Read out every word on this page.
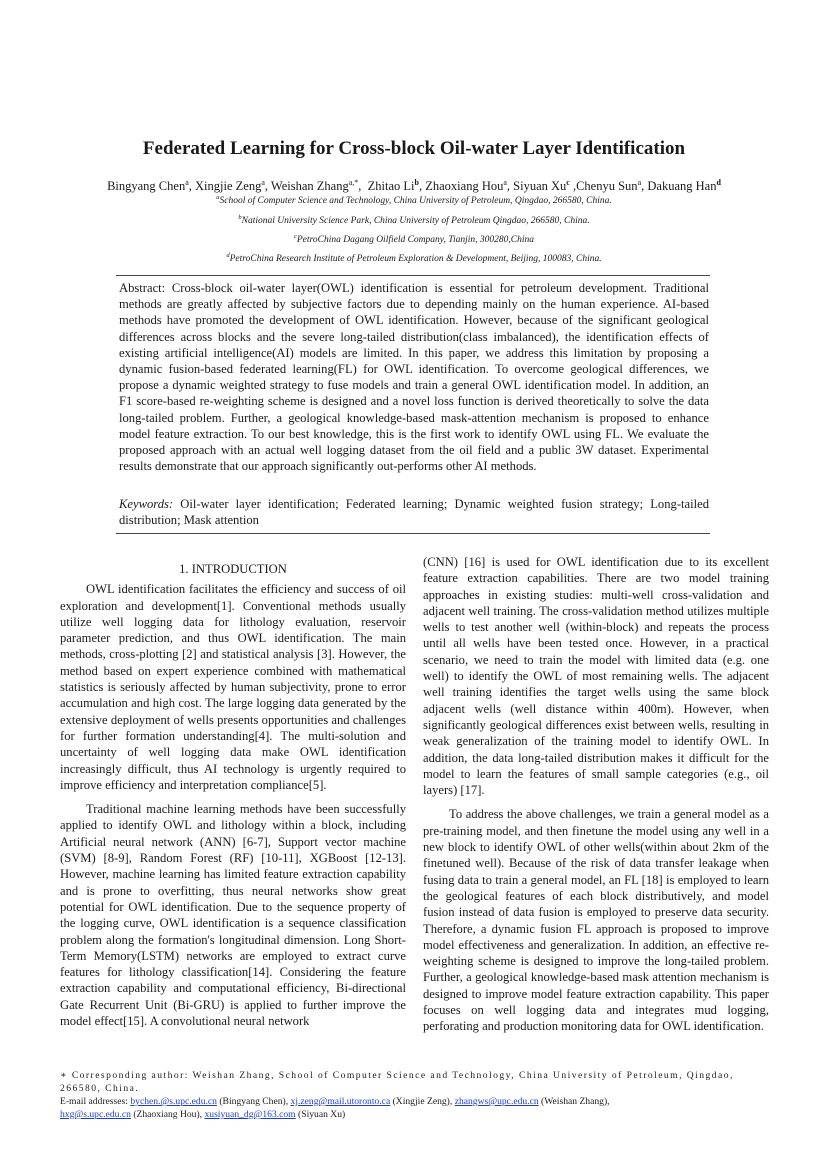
Federated Learning for Cross-block Oil-water Layer Identification
Bingyang Chen$^a$, Xingjie Zeng$^a$, Weishan Zhang$^{a,*}$,  Zhitao Li$^b$, Zhaoxiang Hou$^a$, Siyuan Xu$^c$ ,Chenyu Sun$^a$, Dakuang Han$^d$
$^a$School of Computer Science and Technology, China University of Petroleum, Qingdao, 266580, China.
$^b$National University Science Park, China University of Petroleum Qingdao, 266580, China.
$^c$PetroChina Dagang Oilfield Company, Tianjin, 300280,China
$^d$PetroChina Research Institute of Petroleum Exploration & Development, Beijing, 100083, China.
Abstract: Cross-block oil-water layer(OWL) identification is essential for petroleum development. Traditional methods are greatly affected by subjective factors due to depending mainly on the human experience. AI-based methods have promoted the development of OWL identification. However, because of the significant geological differences across blocks and the severe long-tailed distribution(class imbalanced), the identification effects of existing artificial intelligence(AI) models are limited. In this paper, we address this limitation by proposing a dynamic fusion-based federated learning(FL) for OWL identification. To overcome geological differences, we propose a dynamic weighted strategy to fuse models and train a general OWL identification model. In addition, an F1 score-based re-weighting scheme is designed and a novel loss function is derived theoretically to solve the data long-tailed problem. Further, a geological knowledge-based mask-attention mechanism is proposed to enhance model feature extraction. To our best knowledge, this is the first work to identify OWL using FL. We evaluate the proposed approach with an actual well logging dataset from the oil field and a public 3W dataset. Experimental results demonstrate that our approach significantly out-performs other AI methods.
Keywords: Oil-water layer identification; Federated learning; Dynamic weighted fusion strategy; Long-tailed distribution; Mask attention
1. INTRODUCTION

OWL identification facilitates the efficiency and success of oil exploration and development[1]. Conventional methods usually utilize well logging data for lithology evaluation, reservoir parameter prediction, and thus OWL identification. The main methods, cross-plotting [2] and statistical analysis [3]. However, the method based on expert experience combined with mathematical statistics is seriously affected by human subjectivity, prone to error accumulation and high cost. The large logging data generated by the extensive deployment of wells presents opportunities and challenges for further formation understanding[4]. The multi-solution and uncertainty of well logging data make OWL identification increasingly difficult, thus AI technology is urgently required to improve efficiency and interpretation compliance[5].

Traditional machine learning methods have been successfully applied to identify OWL and lithology within a block, including Artificial neural network (ANN) [6-7], Support vector machine (SVM) [8-9], Random Forest (RF) [10-11], XGBoost [12-13]. However, machine learning has limited feature extraction capability and is prone to overfitting, thus neural networks show great potential for OWL identification. Due to the sequence property of the logging curve, OWL identification is a sequence classification problem along the formation's longitudinal dimension. Long Short-Term Memory(LSTM) networks are employed to extract curve features for lithology classification[14]. Considering the feature extraction capability and computational efficiency, Bi-directional Gate Recurrent Unit (Bi-GRU) is applied to further improve the model effect[15]. A convolutional neural network

(CNN) [16] is used for OWL identification due to its excellent feature extraction capabilities. There are two model training approaches in existing studies: multi-well cross-validation and adjacent well training. The cross-validation method utilizes multiple wells to test another well (within-block) and repeats the process until all wells have been tested once. However, in a practical scenario, we need to train the model with limited data (e.g. one well) to identify the OWL of most remaining wells. The adjacent well training identifies the target wells using the same block adjacent wells (well distance within 400m). However, when significantly geological differences exist between wells, resulting in weak generalization of the training model to identify OWL. In addition, the data long-tailed distribution makes it difficult for the model to learn the features of small sample categories (e.g., oil layers) [17].

To address the above challenges, we train a general model as a pre-training model, and then finetune the model using any well in a new block to identify OWL of other wells(within about 2km of the finetuned well). Because of the risk of data transfer leakage when fusing data to train a general model, an FL [18] is employed to learn the geological features of each block distributively, and model fusion instead of data fusion is employed to preserve data security. Therefore, a dynamic fusion FL approach is proposed to improve model effectiveness and generalization. In addition, an effective re-weighting scheme is designed to improve the long-tailed problem. Further, a geological knowledge-based mask attention mechanism is designed to improve model feature extraction capability. This paper focuses on well logging data and integrates mud logging, perforating and production monitoring data for OWL identification.

∗ Corresponding author: Weishan Zhang, School of Computer Science and Technology, China University of Petroleum, Qingdao,
266580, China.
E-mail addresses: bychen.@s.upc.edu.cn (Bingyang Chen), xj.zeng@mail.utoronto.ca (Xingjie Zeng), zhangws@upc.edu.cn (Weishan Zhang),
hxg@s.upc.edu.cn (Zhaoxiang Hou), xusiyuan_dg@163.com (Siyuan Xu)
